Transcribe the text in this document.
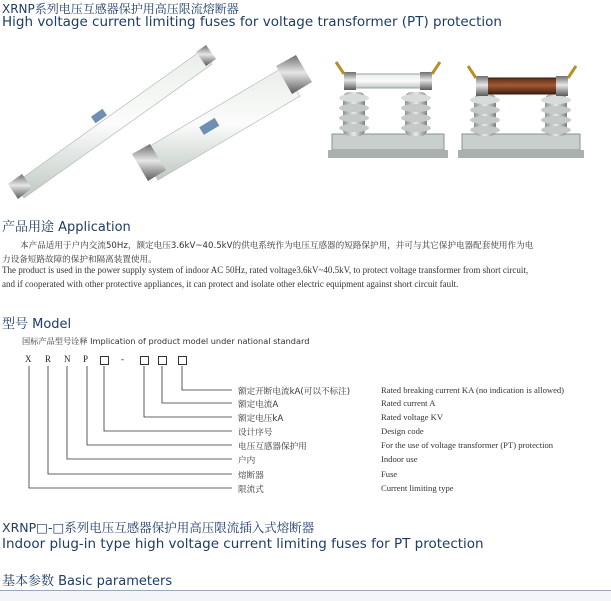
XRNP系列电压互感器保护用高压限流熔断器
High voltage current limiting fuses for voltage transformer (PT) protection
产品用途 Application
本产品适用于户内交流50Hz，额定电压3.6kV~40.5kV的供电系统作为电压互感器的短路保护用，并可与其它保护电器配套使用作为电
力设备短路故障的保护和隔离装置使用。
The product is used in the power supply system of indoor AC 50Hz, rated voltage3.6kV~40.5kV, to protect voltage transformer from short circuit,
and if cooperated with other protective appliances, it can protect and isolate other electric equipment against short circuit fault.
型号 Model
国标产品型号诠释 Implication of product model under national standard
X R N P	-
额定开断电流kA(可以不标注)	Rated breaking current KA (no indication is allowed)
额定电流A	Rated current A
额定电压kA	Rated voltage KV
设计序号	Design code
电压互感器保护用	For the use of voltage transformer (PT) protection
户内	Indoor use
熔断器	Fuse
限流式	Current limiting type
XRNP□-□系列电压互感器保护用高压限流插入式熔断器
Indoor plug-in type high voltage current limiting fuses for PT protection
基本参数 Basic parameters
